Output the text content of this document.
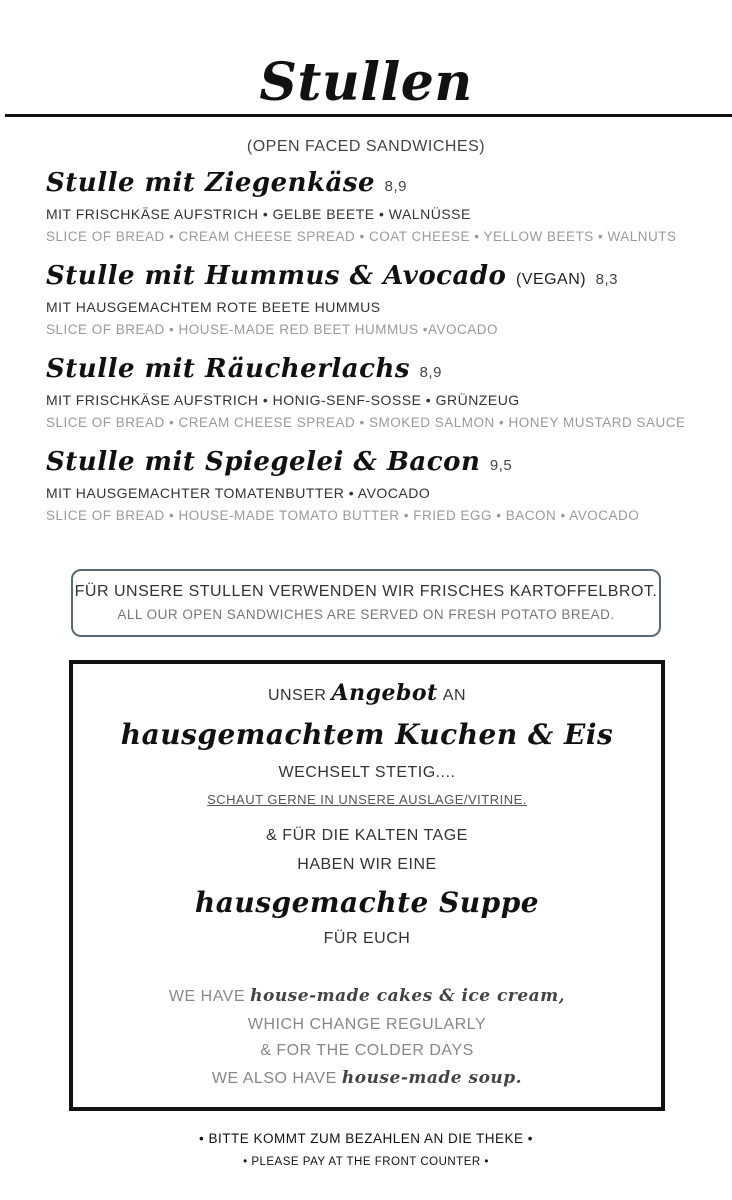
Stullen
(OPEN FACED SANDWICHES)
Stulle mit Ziegenkäse 8,9
MIT FRISCHKÄSE AUFSTRICH • GELBE BEETE • WALNÜSSE
SLICE OF BREAD • CREAM CHEESE SPREAD • COAT CHEESE • YELLOW BEETS • WALNUTS
Stulle mit Hummus & Avocado (VEGAN) 8,3
MIT HAUSGEMACHTEM ROTE BEETE HUMMUS
SLICE OF BREAD • HOUSE-MADE RED BEET HUMMUS •AVOCADO
Stulle mit Räucherlachs 8,9
MIT FRISCHKÄSE AUFSTRICH • HONIG-SENF-SOSSE • GRÜNZEUG
SLICE OF BREAD • CREAM CHEESE SPREAD • SMOKED SALMON • HONEY MUSTARD SAUCE
Stulle mit Spiegelei & Bacon 9,5
MIT HAUSGEMACHTER TOMATENBUTTER • AVOCADO
SLICE OF BREAD • HOUSE-MADE TOMATO BUTTER • FRIED EGG • BACON • AVOCADO
FÜR UNSERE STULLEN VERWENDEN WIR FRISCHES KARTOFFELBROT.
ALL OUR OPEN SANDWICHES ARE SERVED ON FRESH POTATO BREAD.
UNSER Angebot AN
hausgemachtem Kuchen & Eis
WECHSELT STETIG....
SCHAUT GERNE IN UNSERE AUSLAGE/VITRINE.
& FÜR DIE KALTEN TAGE
HABEN WIR EINE
hausgemachte Suppe
FÜR EUCH
WE HAVE house-made cakes & ice cream,
WHICH CHANGE REGULARLY
& FOR THE COLDER DAYS
WE ALSO HAVE house-made soup.
• BITTE KOMMT ZUM BEZAHLEN AN DIE THEKE •
• PLEASE PAY AT THE FRONT COUNTER •
